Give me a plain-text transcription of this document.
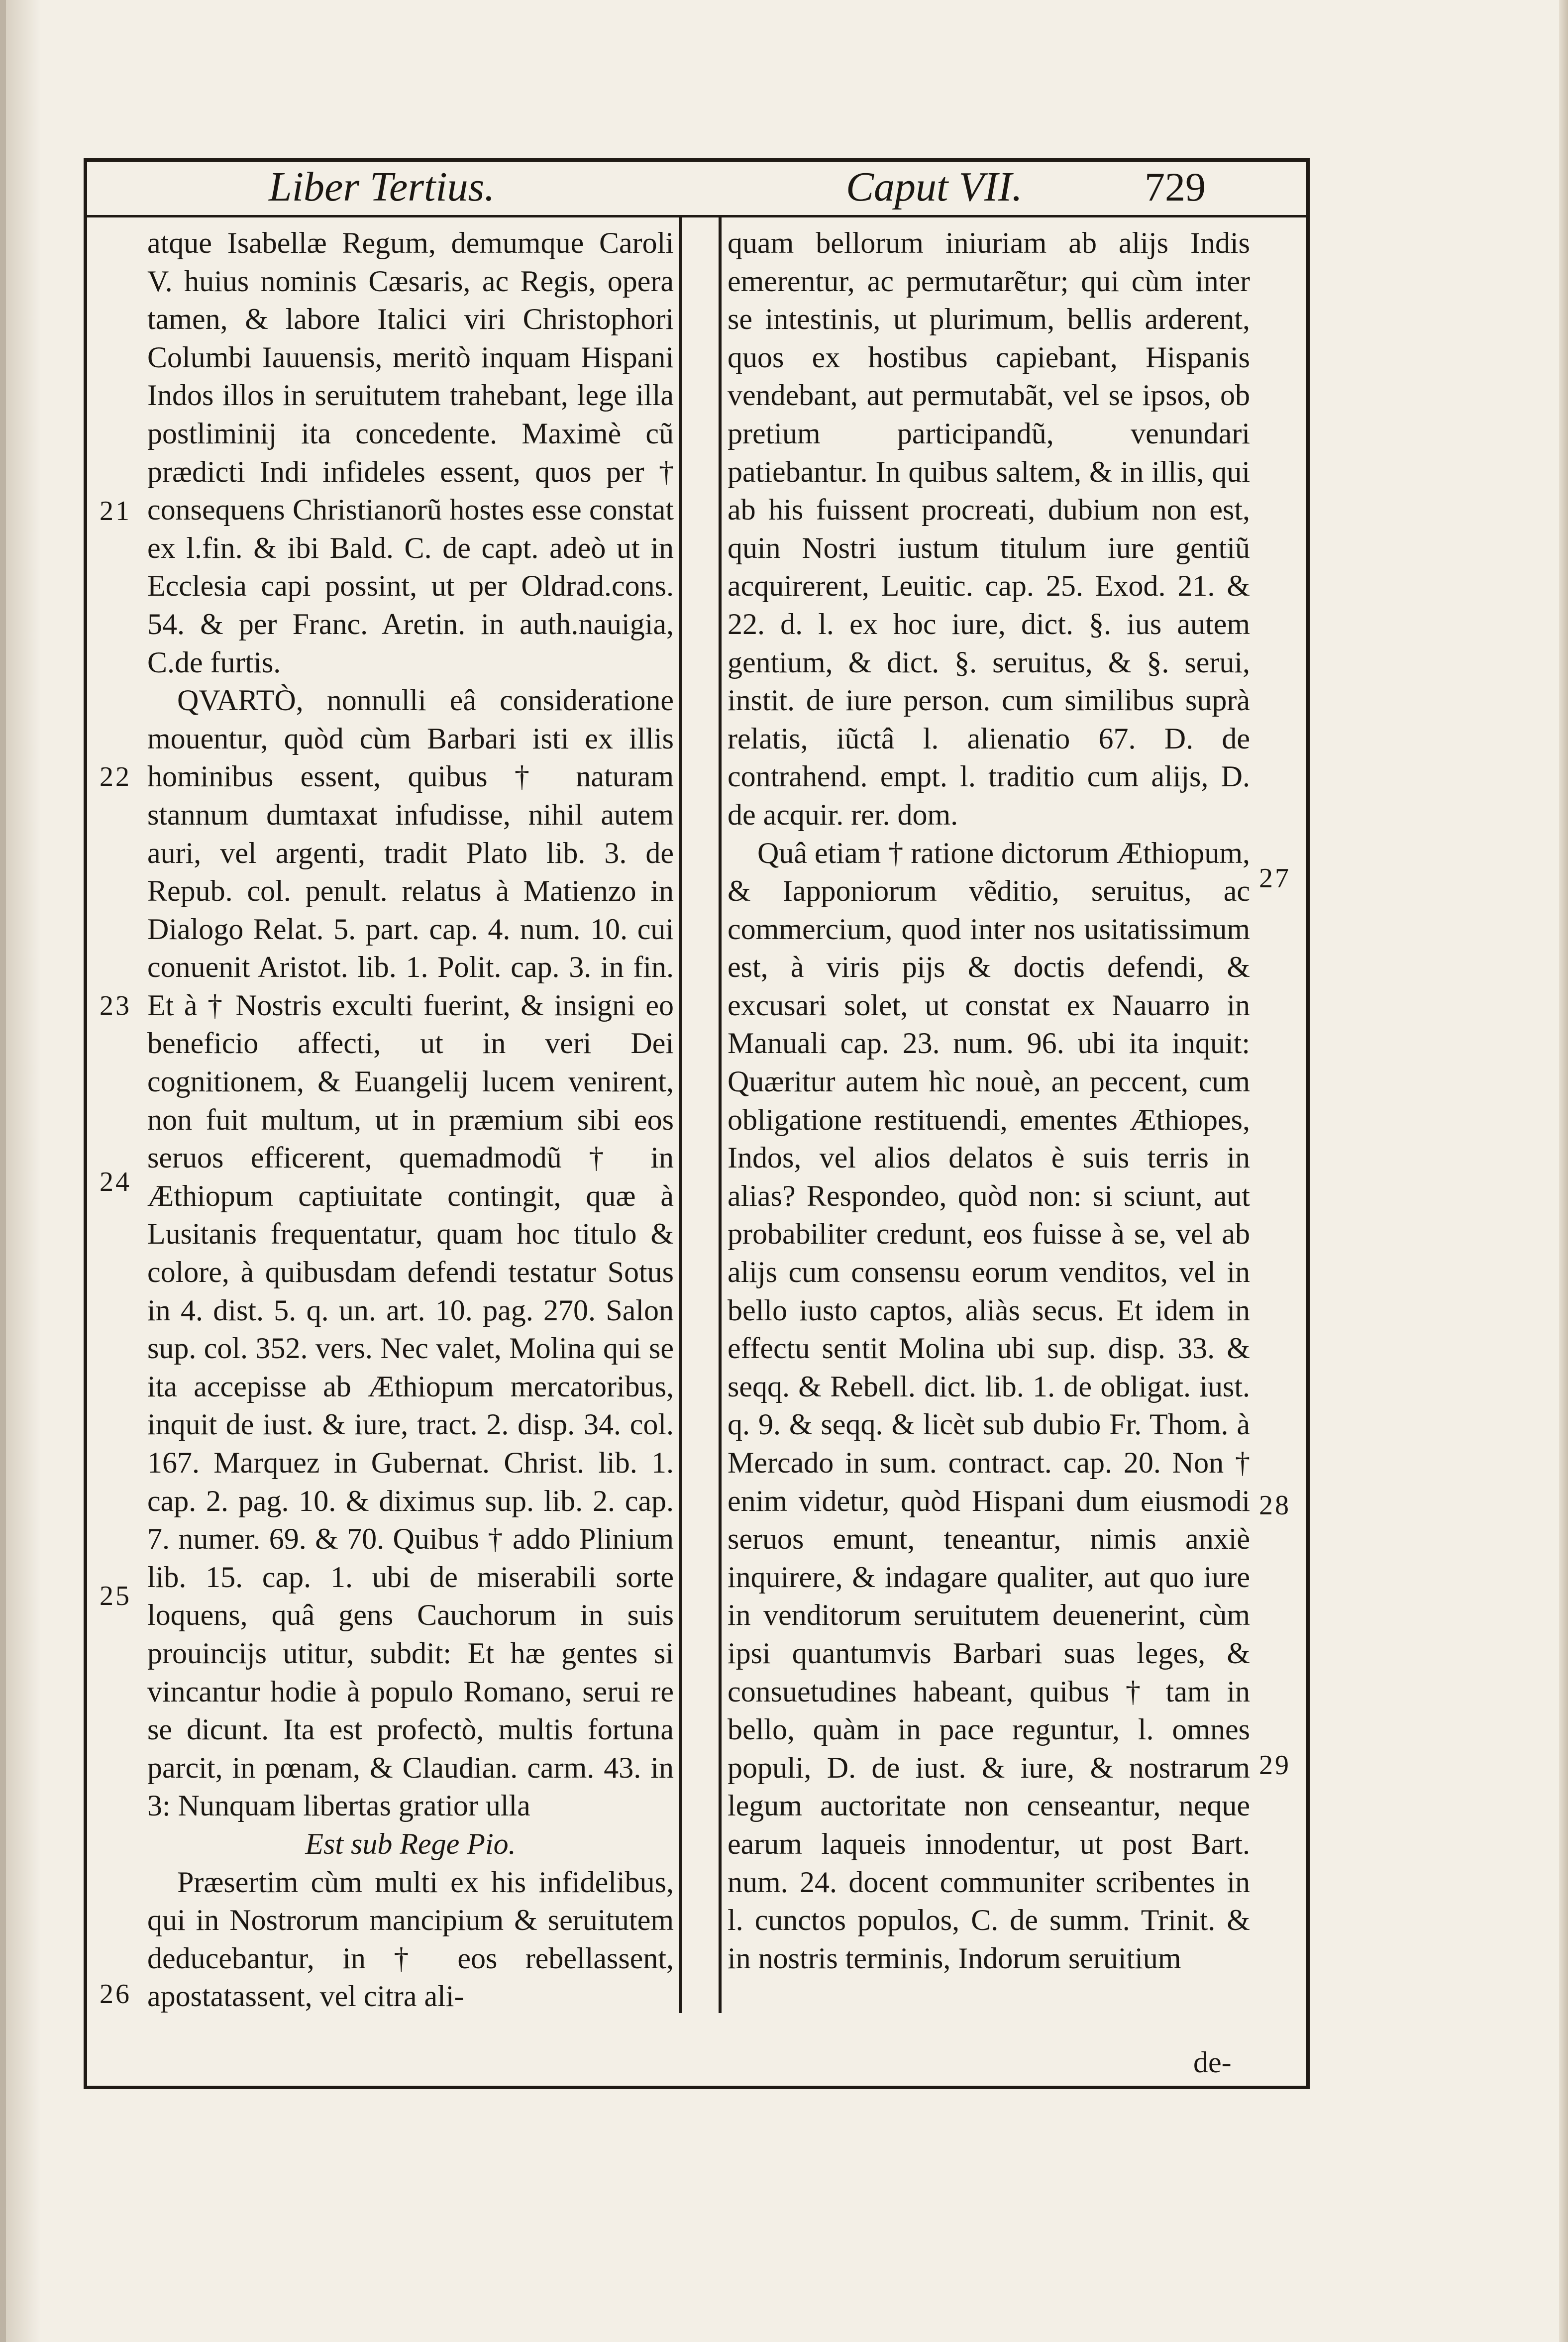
Liber Tertius.	Caput VII.	729

atque Isabellæ Regum, demumque Caroli V. huius nominis Cæsaris, ac Regis, opera tamen, & labore Italici viri Christophori Columbi Iauuensis, meritò inquam Hispani Indos illos in seruitutem trahebant, lege illa postliminij ita concedente. Maximè cũ prædicti Indi infideles essent, quos per † consequens Christianorũ hostes esse constat ex l.fin. & ibi Bald. C. de capt. adeò ut in Ecclesia capi possint, ut per Oldrad.cons. 54. & per Franc. Aretin. in auth.nauigia, C.de furtis.

QVARTÒ, nonnulli eâ consideratione mouentur, quòd cùm Barbari isti ex illis hominibus essent, quibus † naturam stannum dumtaxat infudisse, nihil autem auri, vel argenti, tradit Plato lib. 3. de Repub. col. penult. relatus à Matienzo in Dialogo Relat. 5. part. cap. 4. num. 10. cui conuenit Aristot. lib. 1. Polit. cap. 3. in fin. Et à † Nostris exculti fuerint, & insigni eo beneficio affecti, ut in veri Dei cognitionem, & Euangelij lucem venirent, non fuit multum, ut in præmium sibi eos seruos efficerent, quemadmodũ † in Æthiopum captiuitate contingit, quæ à Lusitanis frequentatur, quam hoc titulo & colore, à quibusdam defendi testatur Sotus in 4. dist. 5. q. un. art. 10. pag. 270. Salon sup. col. 352. vers. Nec valet, Molina qui se ita accepisse ab Æthiopum mercatoribus, inquit de iust. & iure, tract. 2. disp. 34. col. 167. Marquez in Gubernat. Christ. lib. 1. cap. 2. pag. 10. & diximus sup. lib. 2. cap. 7. numer. 69. & 70. Quibus † addo Plinium lib. 15. cap. 1. ubi de miserabili sorte loquens, quâ gens Cauchorum in suis prouincijs utitur, subdit: Et hæ gentes si vincantur hodie à populo Romano, serui re se dicunt. Ita est profectò, multis fortuna parcit, in pœnam, & Claudian. carm. 43. in 3: Nunquam libertas gratior ulla

Est sub Rege Pio.

Præsertim cùm multi ex his infidelibus, qui in Nostrorum mancipium & seruitutem deducebantur, in † eos rebellassent, apostatassent, vel citra ali-

quam bellorum iniuriam ab alijs Indis emerentur, ac permutarẽtur; qui cùm inter se intestinis, ut plurimum, bellis arderent, quos ex hostibus capiebant, Hispanis vendebant, aut permutabãt, vel se ipsos, ob pretium participandũ, venundari patiebantur. In quibus saltem, & in illis, qui ab his fuissent procreati, dubium non est, quin Nostri iustum titulum iure gentiũ acquirerent, Leuitic. cap. 25. Exod. 21. & 22. d. l. ex hoc iure, dict. §. ius autem gentium, & dict. §. seruitus, & §. serui, instit. de iure person. cum similibus suprà relatis, iũctâ l. alienatio 67. D. de contrahend. empt. l. traditio cum alijs, D. de acquir. rer. dom.

Quâ etiam † ratione dictorum Æthiopum, & Iapponiorum vẽditio, seruitus, ac commercium, quod inter nos usitatissimum est, à viris pijs & doctis defendi, & excusari solet, ut constat ex Nauarro in Manuali cap. 23. num. 96. ubi ita inquit: Quæritur autem hìc nouè, an peccent, cum obligatione restituendi, ementes Æthiopes, Indos, vel alios delatos è suis terris in alias? Respondeo, quòd non: si sciunt, aut probabiliter credunt, eos fuisse à se, vel ab alijs cum consensu eorum venditos, vel in bello iusto captos, aliàs secus. Et idem in effectu sentit Molina ubi sup. disp. 33. & seqq. & Rebell. dict. lib. 1. de obligat. iust. q. 9. & seqq. & licèt sub dubio Fr. Thom. à Mercado in sum. contract. cap. 20. Non † enim videtur, quòd Hispani dum eiusmodi seruos emunt, teneantur, nimis anxiè inquirere, & indagare qualiter, aut quo iure in venditorum seruitutem deuenerint, cùm ipsi quantumvis Barbari suas leges, & consuetudines habeant, quibus † tam in bello, quàm in pace reguntur, l. omnes populi, D. de iust. & iure, & nostrarum legum auctoritate non censeantur, neque earum laqueis innodentur, ut post Bart. num. 24. docent communiter scribentes in l. cunctos populos, C. de summ. Trinit. & in nostris terminis, Indorum seruitium

21
22
23
24
25
26
27
28
29
de-
